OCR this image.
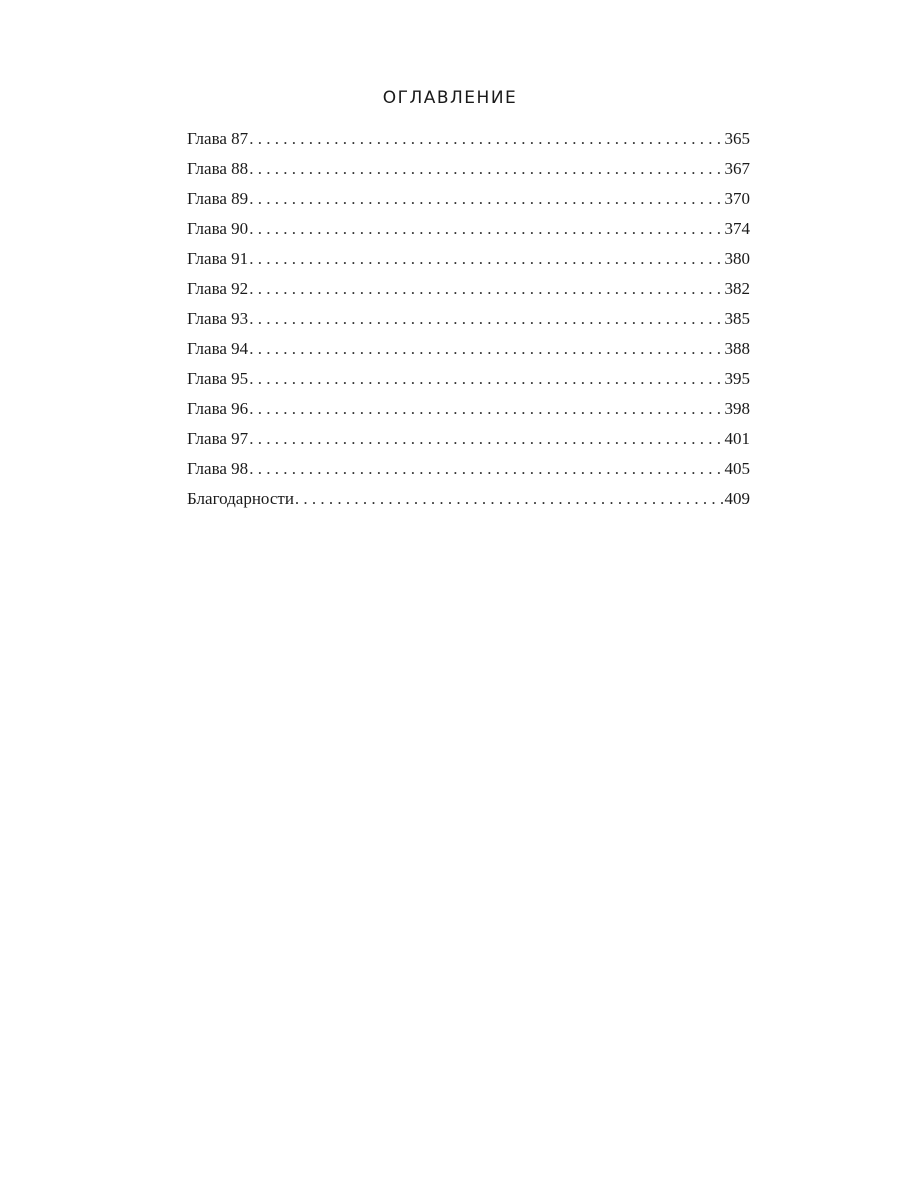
ОГЛАВЛЕНИЕ
Глава 87 . . .	365
Глава 88 . . .	367
Глава 89 . . .	370
Глава 90 . . .	374
Глава 91 . . .	380
Глава 92 . . .	382
Глава 93 . . .	385
Глава 94 . . .	388
Глава 95 . . .	395
Глава 96 . . .	398
Глава 97 . . .	401
Глава 98 . . .	405
Благодарности . . .	409
